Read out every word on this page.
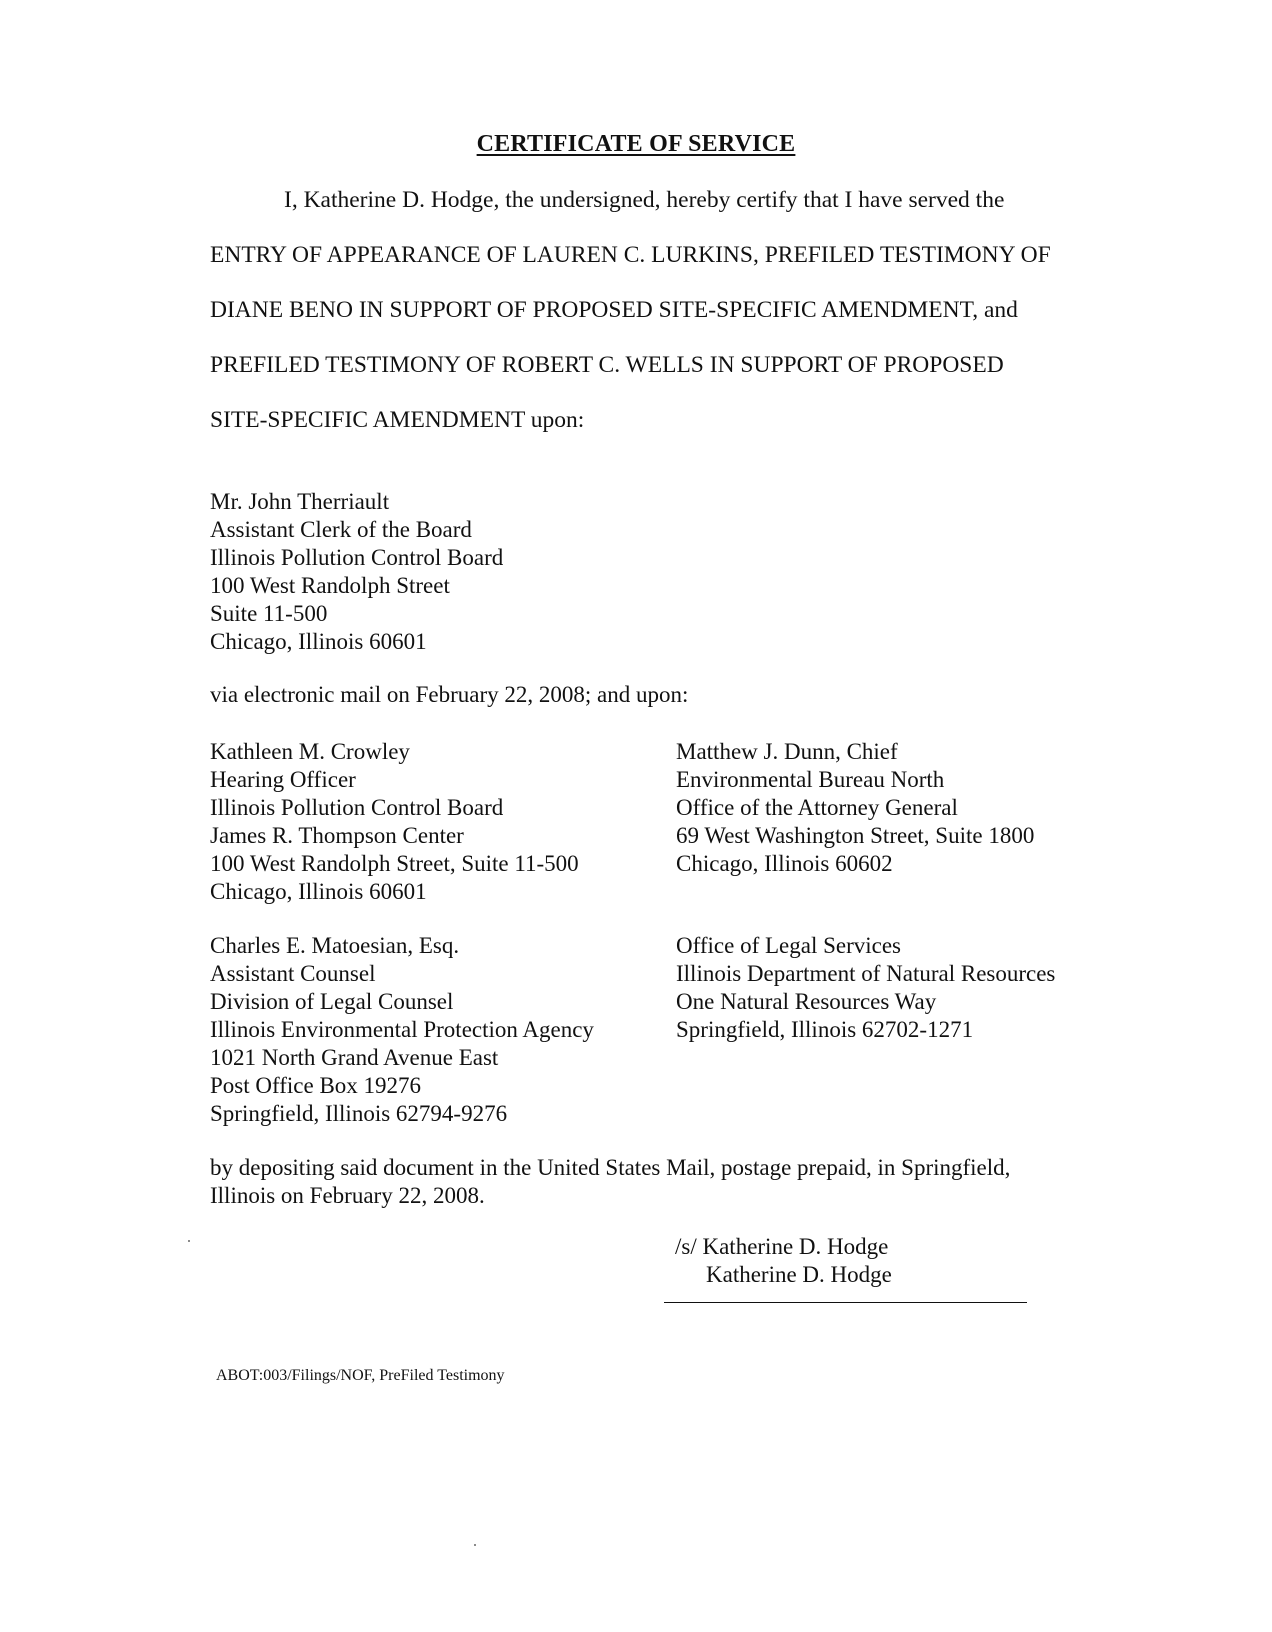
CERTIFICATE OF SERVICE
I, Katherine D. Hodge, the undersigned, hereby certify that I have served the
ENTRY OF APPEARANCE OF LAUREN C. LURKINS, PREFILED TESTIMONY OF
DIANE BENO IN SUPPORT OF PROPOSED SITE-SPECIFIC AMENDMENT, and
PREFILED TESTIMONY OF ROBERT C. WELLS IN SUPPORT OF PROPOSED
SITE-SPECIFIC AMENDMENT upon:
Mr. John Therriault
Assistant Clerk of the Board
Illinois Pollution Control Board
100 West Randolph Street
Suite 11-500
Chicago, Illinois 60601
via electronic mail on February 22, 2008; and upon:
Kathleen M. Crowley
Hearing Officer
Illinois Pollution Control Board
James R. Thompson Center
100 West Randolph Street, Suite 11-500
Chicago, Illinois 60601
Matthew J. Dunn, Chief
Environmental Bureau North
Office of the Attorney General
69 West Washington Street, Suite 1800
Chicago, Illinois 60602
Charles E. Matoesian, Esq.
Assistant Counsel
Division of Legal Counsel
Illinois Environmental Protection Agency
1021 North Grand Avenue East
Post Office Box 19276
Springfield, Illinois 62794-9276
Office of Legal Services
Illinois Department of Natural Resources
One Natural Resources Way
Springfield, Illinois 62702-1271
by depositing said document in the United States Mail, postage prepaid, in Springfield, Illinois on February 22, 2008.
/s/ Katherine D. Hodge
Katherine D. Hodge
ABOT:003/Filings/NOF, PreFiled Testimony
